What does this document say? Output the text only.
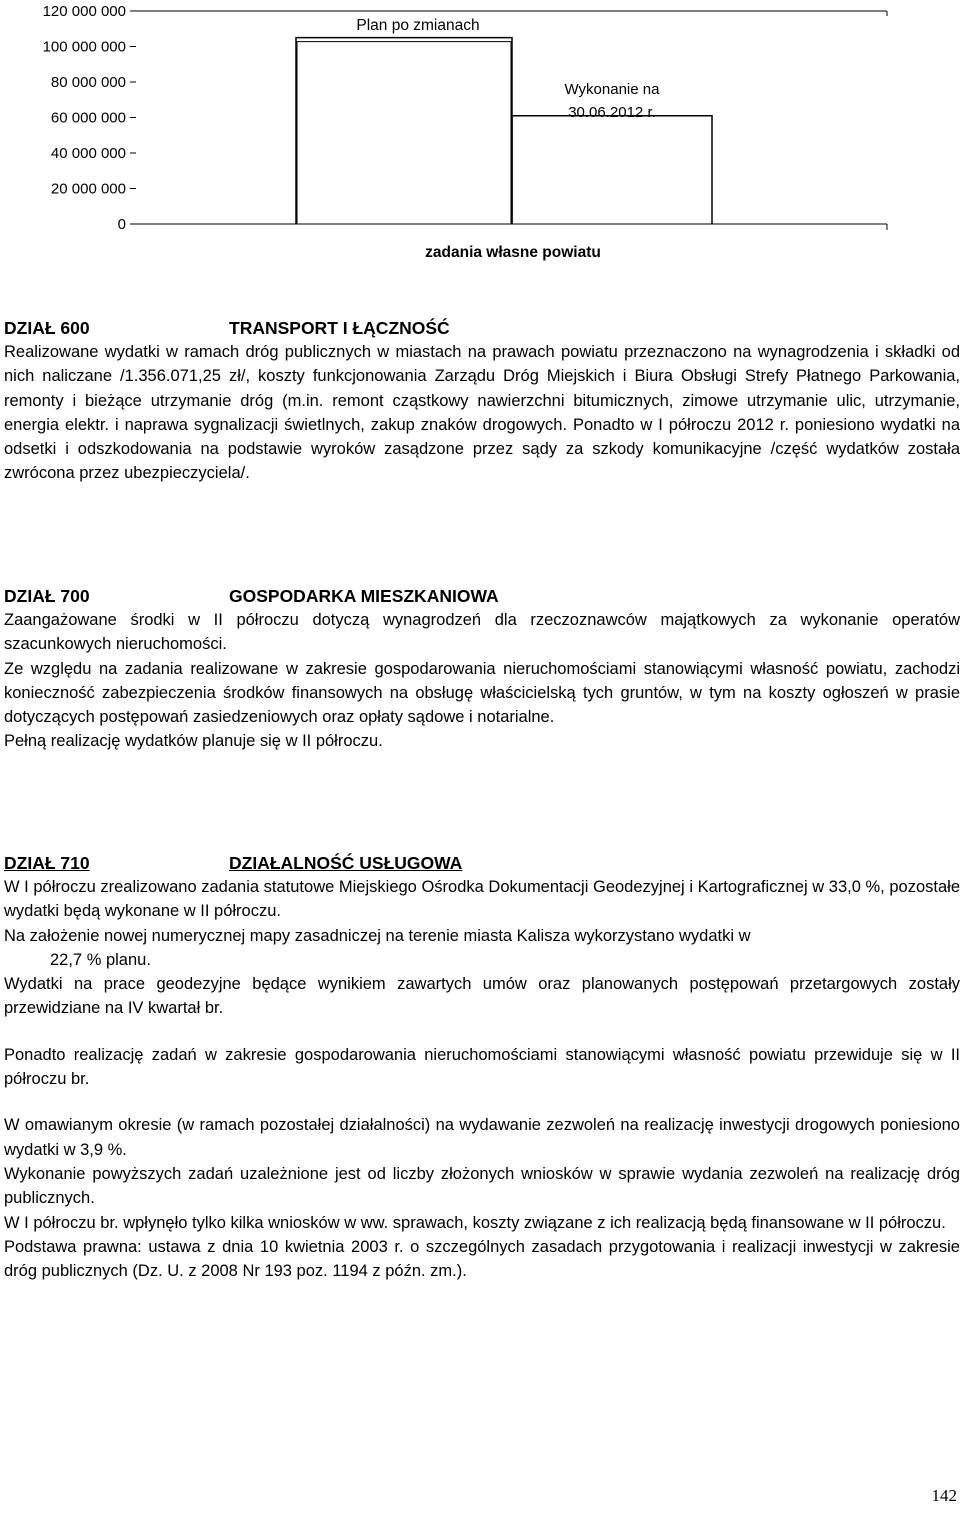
120 000 000
100 000 000
80 000 000
60 000 000
40 000 000
20 000 000
0
Plan po zmianach
Wykonanie na
30.06.2012 r.
zadania własne powiatu
DZIAŁ 600	TRANSPORT I ŁĄCZNOŚĆ

Realizowane wydatki w ramach dróg publicznych w miastach na prawach powiatu przeznaczono na wynagrodzenia i składki od nich naliczane /1.356.071,25 zł/, koszty funkcjonowania Zarządu Dróg Miejskich i Biura Obsługi Strefy Płatnego Parkowania, remonty i bieżące utrzymanie dróg (m.in. remont cząstkowy nawierzchni bitumicznych, zimowe utrzymanie ulic, utrzymanie, energia elektr. i naprawa sygnalizacji świetlnych, zakup znaków drogowych. Ponadto w I półroczu 2012 r. poniesiono wydatki na odsetki i odszkodowania na podstawie wyroków zasądzone przez sądy za szkody komunikacyjne /część wydatków została zwrócona przez ubezpieczyciela/.

DZIAŁ 700	GOSPODARKA MIESZKANIOWA

Zaangażowane środki w II półroczu dotyczą wynagrodzeń dla rzeczoznawców majątkowych za wykonanie operatów szacunkowych nieruchomości.

Ze względu na zadania realizowane w zakresie gospodarowania nieruchomościami stanowiącymi własność powiatu, zachodzi konieczność zabezpieczenia środków finansowych na obsługę właścicielską tych gruntów, w tym na koszty ogłoszeń w prasie dotyczących postępowań zasiedzeniowych oraz opłaty sądowe i notarialne.

Pełną realizację wydatków planuje się w II półroczu.

DZIAŁ 710	DZIAŁALNOŚĆ USŁUGOWA

W I półroczu zrealizowano zadania statutowe Miejskiego Ośrodka Dokumentacji Geodezyjnej i Kartograficznej w 33,0 %, pozostałe wydatki będą wykonane w II półroczu.

Na założenie nowej numerycznej mapy zasadniczej na terenie miasta Kalisza wykorzystano wydatki w

22,7 % planu.

Wydatki na prace geodezyjne będące wynikiem zawartych umów oraz planowanych postępowań przetargowych zostały przewidziane na IV kwartał br.

Ponadto realizację zadań w zakresie gospodarowania nieruchomościami stanowiącymi własność powiatu przewiduje się w II półroczu br.

W omawianym okresie (w ramach pozostałej działalności) na wydawanie zezwoleń na realizację inwestycji drogowych poniesiono wydatki w 3,9 %.

Wykonanie powyższych zadań uzależnione jest od liczby złożonych wniosków w sprawie wydania zezwoleń na realizację dróg publicznych.

W I półroczu br. wpłynęło tylko kilka wniosków w ww. sprawach, koszty związane z ich realizacją będą finansowane w II półroczu.

Podstawa prawna: ustawa z dnia 10 kwietnia 2003 r. o szczególnych zasadach przygotowania i realizacji inwestycji w zakresie dróg publicznych (Dz. U. z 2008 Nr 193 poz. 1194 z późn. zm.).

142
